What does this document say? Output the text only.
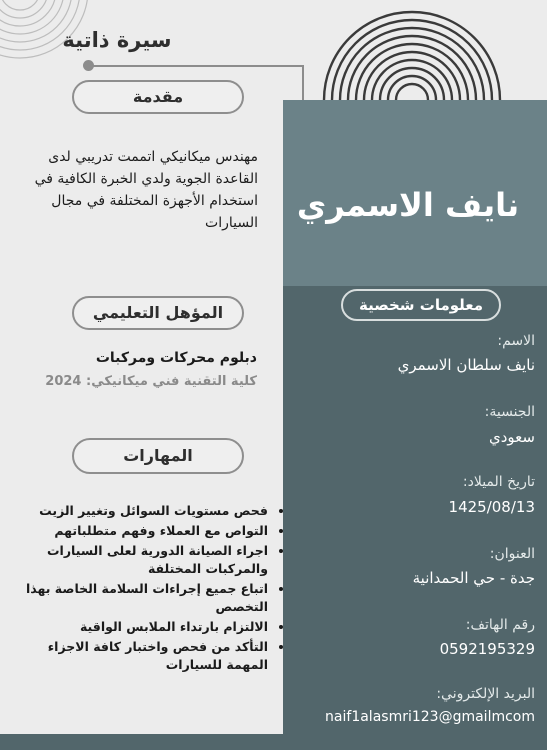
سيرة ذاتية
نايف الاسمري
مقدمة
مهندس ميكانيكي اتممت تدريبي لدى القاعدة الجوية ولدي الخبرة الكافية في استخدام الأجهزة المختلفة في مجال السيارات
المؤهل التعليمي
دبلوم محركات ومركبات
كلية التقنية فني ميكانيكي: 2024
المهارات
• فحص مستويات السوائل وتغيير الزيت
• التواص مع العملاء وفهم متطلباتهم
• اجراء الصيانة الدورية لعلى السيارات والمركبات المختلفة
• اتباع جميع إجراءات السلامة الخاصة بهذا التخصص
• الالتزام بارتداء الملابس الواقية
• التأكد من فحص واختبار كافة الاجزاء المهمة للسيارات
معلومات شخصية
الاسم:
نايف سلطان الاسمري
الجنسية:
سعودي
تاريخ الميلاد:
1425/08/13
العنوان:
جدة - حي الحمدانية
رقم الهاتف:
0592195329
البريد الإلكتروني:
naif1alasmri123@gmailmcom
